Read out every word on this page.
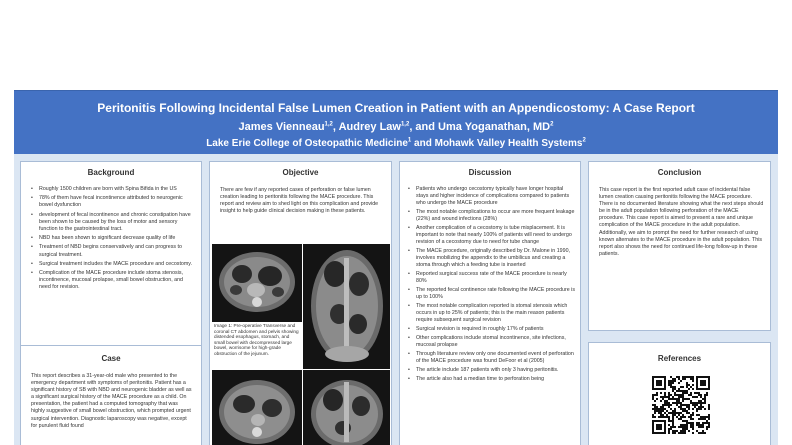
Peritonitis Following Incidental False Lumen Creation in Patient with an Appendicostomy: A Case Report
James Vienneau$^{1,2}$, Audrey Law$^{1,2}$, and Uma Yoganathan, $MD^2$
Lake Erie College of Osteopathic Medicine$^1$ and Mohawk Valley Health Systems$^2$
Background
• Roughly 1500 children are born with Spina Bifida in the US
• 78% of them have fecal incontinence attributed to neurogenic bowel dysfunction
• development of fecal incontinence and chronic constipation have been shown to be caused by the loss of motor and sensory function to the gastrointestinal tract.
• NBD has been shown to significant decrease quality of life
• Treatment of NBD begins conservatively and can progress to surgical treatment.
• Surgical treatment includes the MACE procedure and cecostomy.
• Complication of the MACE procedure include stoma stenosis, incontinence, mucosal prolapse, small bowel obstruction, and need for revision.
Case
This report describes a 31-year-old male who presented to the emergency department with symptoms of peritonitis. Patient has a significant history of SB with NBD and neurogenic bladder as well as a significant surgical history of the MACE procedure as a child. On presentation, the patient had a computed tomography that was highly suggestive of small bowel obstruction, which prompted urgent surgical intervention. Diagnostic laparoscopy was negative, except for purulent fluid found
Objective
There are few if any reported cases of perforation or false lumen creation leading to peritonitis following the MACE procedure. This report and review aim to shed light on this complication and provide insight to help guide clinical decision making in these patients.
Image 1: Pre-operative Transverse and coronal CT abdomen and pelvis showing distended esophagus, stomach, and small bowel with decompressed large bowel, worrisome for high-grade obstruction of the jejunum.
Discussion
• Patients who undergo cecostomy typically have longer hospital stays and higher incidence of complications compared to patients who undergo the MACE procedure
• The most notable complications to occur are more frequent leakage (22%) and wound infections (28%)
• Another complication of a cecostomy is tube misplacement. It is important to note that nearly 100% of patients will need to undergo revision of a cecostomy due to need for tube change
• The MACE procedure, originally described by Dr. Malone in 1990, involves mobilizing the appendix to the umbilicus and creating a stoma through which a feeding tube is inserted
• Reported surgical success rate of the MACE procedure is nearly 80%
• The reported fecal continence rate following the MACE procedure is up to 100%
• The most notable complication reported is stomal stenosis which occurs in up to 25% of patients; this is the main reason patients require subsequent surgical revision
• Surgical revision is required in roughly 17% of patients
• Other complications include stomal incontinence, site infections, mucosal prolapse
• Through literature review only one documented event of perforation of the MACE procedure was found DeFoor et al (2005)
• The article include 187 patients with only 3 having peritonitis.
• The article also had a median time to perforation being
Conclusion
This case report is the first reported adult case of incidental false lumen creation causing peritonitis following the MACE procedure. There is no documented literature showing what the next steps should be in the adult population following perforation of the MACE procedure. This case report is aimed to present a rare and unique complication of the MACE procedure in the adult population. Additionally, we aim to prompt the need for further research of using known alternates to the MACE procedure in the adult population. This report also shows the need for continued life-long follow-up in these patients.
References
